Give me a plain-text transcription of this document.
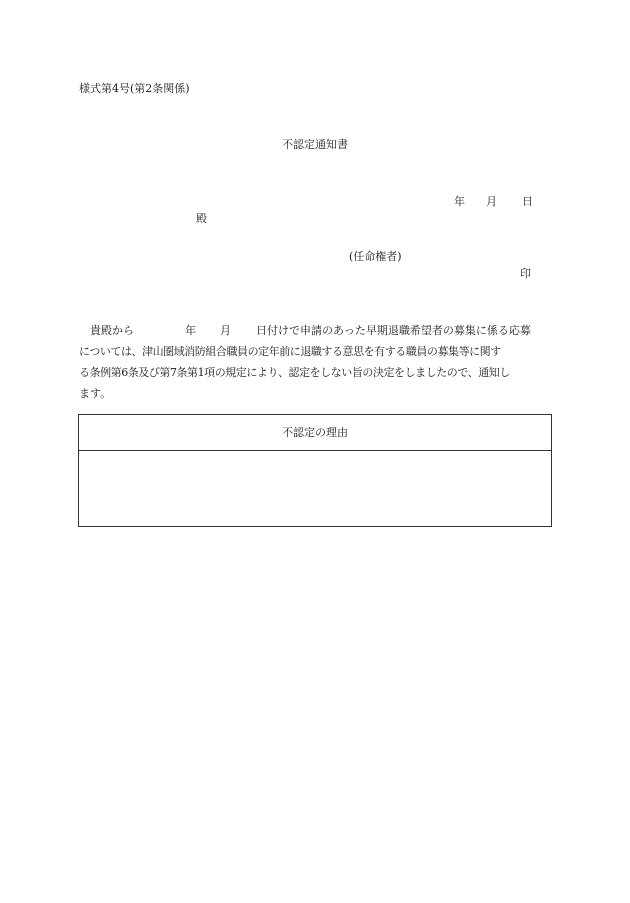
様式第4号(第2条関係)
不認定通知書
年 月 日
殿
(任命権者)
印
貴殿から	年 月 日付けで申請のあった早期退職希望者の募集に係る応募
については、津山圏域消防組合職員の定年前に退職する意思を有する職員の募集等に関す
る条例第6条及び第7条第1項の規定により、認定をしない旨の決定をしましたので、通知し
ます。
不認定の理由
